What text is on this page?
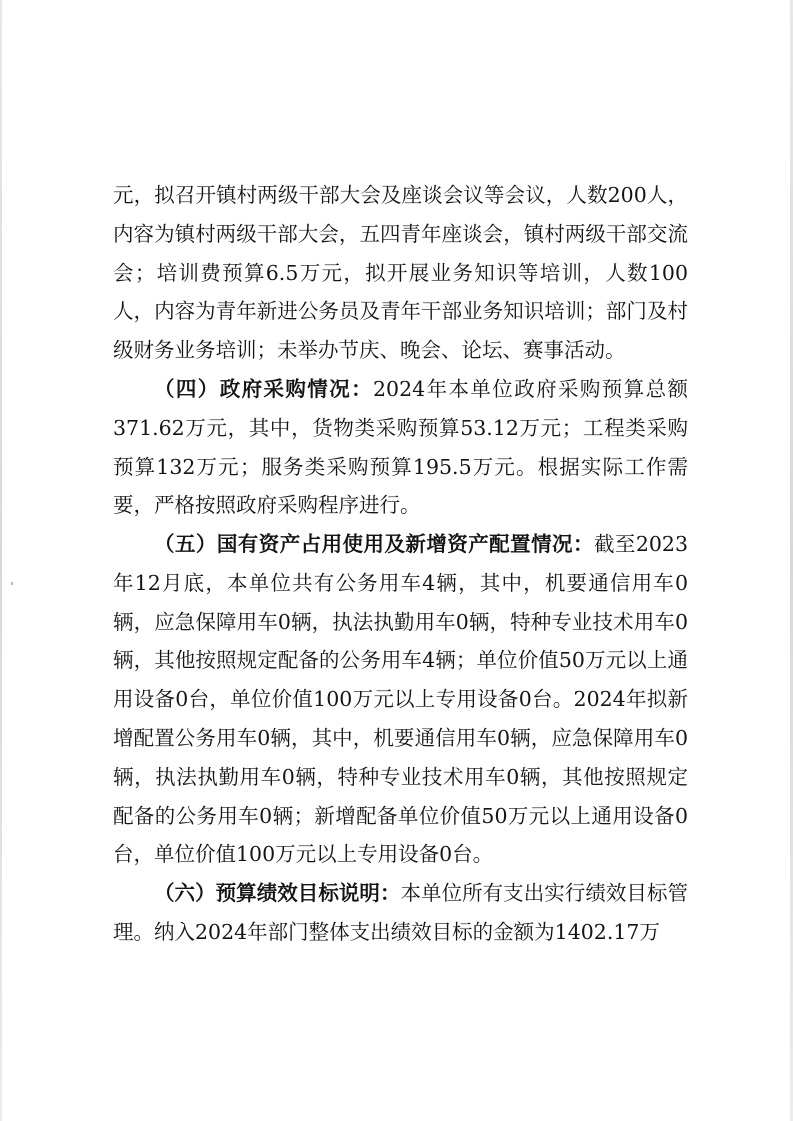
元，拟召开镇村两级干部大会及座谈会议等会议，人数200人，内容为镇村两级干部大会，五四青年座谈会，镇村两级干部交流会；培训费预算6.5万元，拟开展业务知识等培训，人数100人，内容为青年新进公务员及青年干部业务知识培训；部门及村级财务业务培训；未举办节庆、晚会、论坛、赛事活动。

（四）政府采购情况：2024年本单位政府采购预算总额371.62万元，其中，货物类采购预算53.12万元；工程类采购预算132万元；服务类采购预算195.5万元。根据实际工作需要，严格按照政府采购程序进行。

（五）国有资产占用使用及新增资产配置情况：截至2023年12月底，本单位共有公务用车4辆，其中，机要通信用车0辆，应急保障用车0辆，执法执勤用车0辆，特种专业技术用车0辆，其他按照规定配备的公务用车4辆；单位价值50万元以上通用设备0台，单位价值100万元以上专用设备0台。2024年拟新增配置公务用车0辆，其中，机要通信用车0辆，应急保障用车0辆，执法执勤用车0辆，特种专业技术用车0辆，其他按照规定配备的公务用车0辆；新增配备单位价值50万元以上通用设备0台，单位价值100万元以上专用设备0台。

（六）预算绩效目标说明：本单位所有支出实行绩效目标管理。纳入2024年部门整体支出绩效目标的金额为1402.17万
